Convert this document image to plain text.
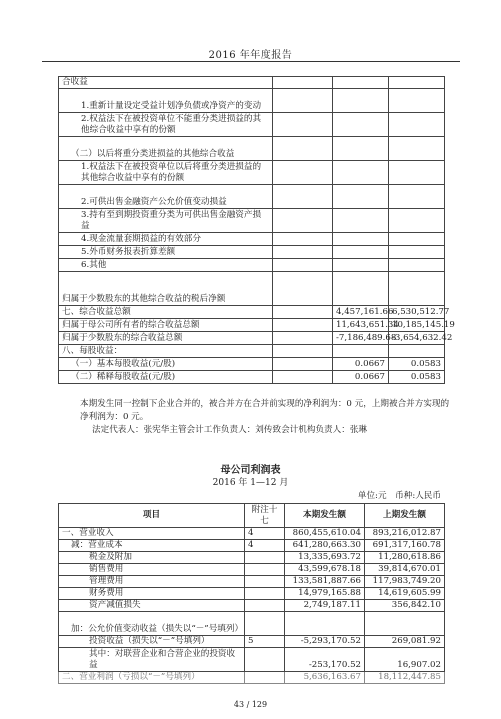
2016 年年度报告
合收益			
1.重新计量设定受益计划净负债或净资产的变动			
2.权益法下在被投资单位不能重分类进损益的其他综合收益中享有的份额			
（二）以后将重分类进损益的其他综合收益			
1.权益法下在被投资单位以后将重分类进损益的其他综合收益中享有的份额			
2.可供出售金融资产公允价值变动损益			
3.持有至到期投资重分类为可供出售金融资产损益			
4.现金流量套期损益的有效部分			
5.外币财务报表折算差额			
6.其他			
归属于少数股东的其他综合收益的税后净额			
七、综合收益总额		4,457,161.66	6,530,512.77
归属于母公司所有者的综合收益总额		11,643,651.34	10,185,145.19
归属于少数股东的综合收益总额		-7,186,489.68	-3,654,632.42
八、每股收益：			
（一）基本每股收益(元/股)		0.0667	0.0583
（二）稀释每股收益(元/股)		0.0667	0.0583
本期发生同一控制下企业合并的，被合并方在合并前实现的净利润为：0 元，上期被合并方实现的净利润为：0 元。
法定代表人：张宪华主管会计工作负责人：刘传致会计机构负责人：张琳
母公司利润表
2016 年 1—12 月
单位:元　币种:人民币
项目	附注十七	本期发生额	上期发生额
一、营业收入	4	860,455,610.04	893,216,012.87
减：营业成本	4	641,280,663.30	691,317,160.78
税金及附加		13,335,693.72	11,280,618.86
销售费用		43,599,678.18	39,814,670.01
管理费用		133,581,887.66	117,983,749.20
财务费用		14,979,165.88	14,619,605.99
资产减值损失		2,749,187.11	356,842.10
加：公允价值变动收益（损失以“－”号填列）			
投资收益（损失以“－”号填列）	5	-5,293,170.52	269,081.92
其中：对联营企业和合营企业的投资收益		-253,170.52	16,907.02
二、营业利润（亏损以“－”号填列）		5,636,163.67	18,112,447.85
43 / 129
